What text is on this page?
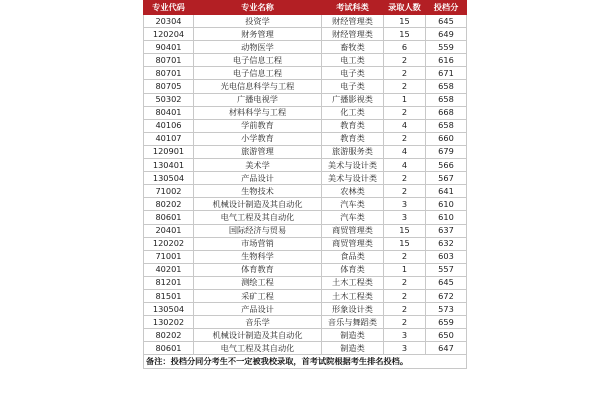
专业代码	专业名称	考试科类	录取人数	投档分
20304	投资学	财经管理类	15	645
120204	财务管理	财经管理类	15	649
90401	动物医学	畜牧类	6	559
80701	电子信息工程	电工类	2	616
80701	电子信息工程	电子类	2	671
80705	光电信息科学与工程	电子类	2	658
50302	广播电视学	广播影视类	1	658
80401	材料科学与工程	化工类	2	668
40106	学前教育	教育类	4	658
40107	小学教育	教育类	2	660
120901	旅游管理	旅游服务类	4	679
130401	美术学	美术与设计类	4	566
130504	产品设计	美术与设计类	2	567
71002	生物技术	农林类	2	641
80202	机械设计制造及其自动化	汽车类	3	610
80601	电气工程及其自动化	汽车类	3	610
20401	国际经济与贸易	商贸管理类	15	637
120202	市场营销	商贸管理类	15	632
71001	生物科学	食品类	2	603
40201	体育教育	体育类	1	557
81201	测绘工程	土木工程类	2	645
81501	采矿工程	土木工程类	2	672
130504	产品设计	形象设计类	2	573
130202	音乐学	音乐与舞蹈类	2	659
80202	机械设计制造及其自动化	制造类	3	650
80601	电气工程及其自动化	制造类	3	647
备注：投档分同分考生不一定被我校录取，首考试院根据考生排名投档。				
